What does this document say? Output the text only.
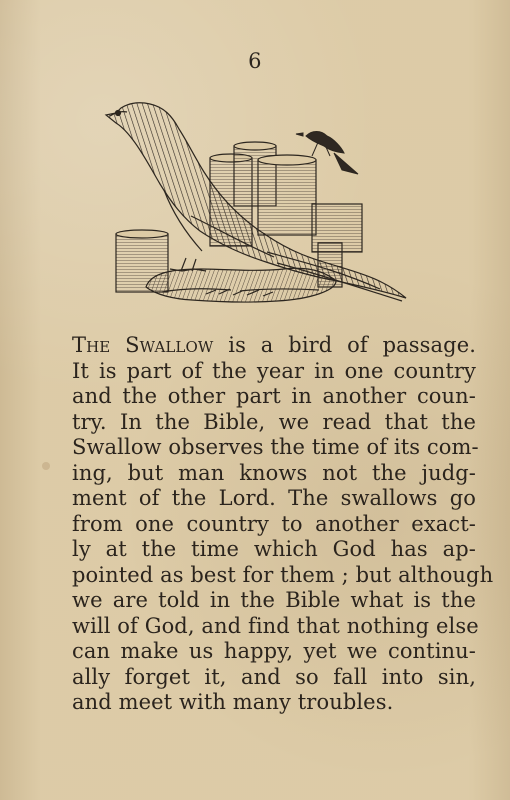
6
The Swallow is a bird of passage.
It is part of the year in one country
and the other part in another coun-
try. In the Bible, we read that the
Swallow observes the time of its com-
ing, but man knows not the judg-
ment of the Lord. The swallows go
from one country to another exact-
ly at the time which God has ap-
pointed as best for them ; but although
we are told in the Bible what is the
will of God, and find that nothing else
can make us happy, yet we continu-
ally forget it, and so fall into sin,
and meet with many troubles.
